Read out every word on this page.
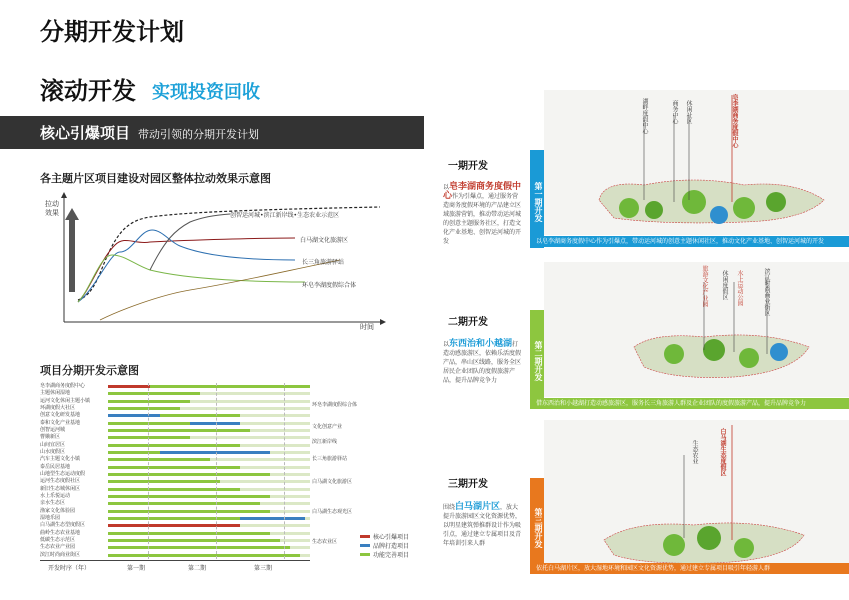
分期开发计划
滚动开发 实现投资回收
核心引爆项目 带动引领的分期开发计划
各主题片区项目建设对园区整体拉动效果示意图
拉动效果
时间
创智运河城•滨江新岸线•生态农业示范区
白马湖文化旅游区
长三角旅游驿站
环皂李湖度假综合体
项目分期开发示意图
皂李湖商务度假中心
主题休闲湿地
运河文化休闲主题小镇
环湖度假大社区
创意文化研发基地
泰和文化产业基地
创智运河城
曹娥新区
山间宜居区
山水度假区
汽车主题文化小镇
泰岳民居基地
山地型生态运动度假
运河生态度假社区
新旧生态城休闲区
水上乐悦运动
亲水生态区
渔家文化体验园
湿地乐园
白马湖生态型度假区
曲岭生态农业基地
低碳生态示范区
生态农业产业园
滨江时尚商业街区
环皂李湖度假综合体
文化创意产业
滨江新岸线
长三角旅游驿站
白马湖文化旅游区
白马湖生态观光区
生态农业区
开发时序（年）	第一期	第二期	第三期
核心引爆项目
品牌打造项目
功能完善项目
一期开发
以皂李湖商务度假中心作为引爆点，通过服务营造商务度假环境的产品建立区域旅游营销，推动带动运河城的创意主题服务社区，打造文化产业基地、创智运河城的开发
湖畔度假中心	商务中心 休闲社区	皂李湖商务度假中心
第一期开发
以皂李湖商务度假中心作为引爆点，带动运河城的创意主题休闲社区，推动文化产业基地、创智运河城的开发
二期开发
以东西治和小越湖打造动感旅游区，依赖乐活度假产品，串山区线路，服务全区居民企业团队的度假旅游产品，提升品牌竞争力
旅游文化产业园 休闲度假区 水上运动公园	滨江时尚商业街区
第二期开发
借东西治和小越湖打造动感旅游区，服务长三角旅游人群及企业团队的度假旅游产品，提升品牌竞争力
三期开发
围绕白马湖片区，放大提升旅游园区文化资源优势，以明星建筑弹推群设计作为吸引点，通过建立专属项目及青年培训引来人群
白马湖生态度假区
生态农业
第三期开发
依托白马湖片区，放大湿地环境和园区文化资源优势，通过建立专属项目吸引年轻游人群
